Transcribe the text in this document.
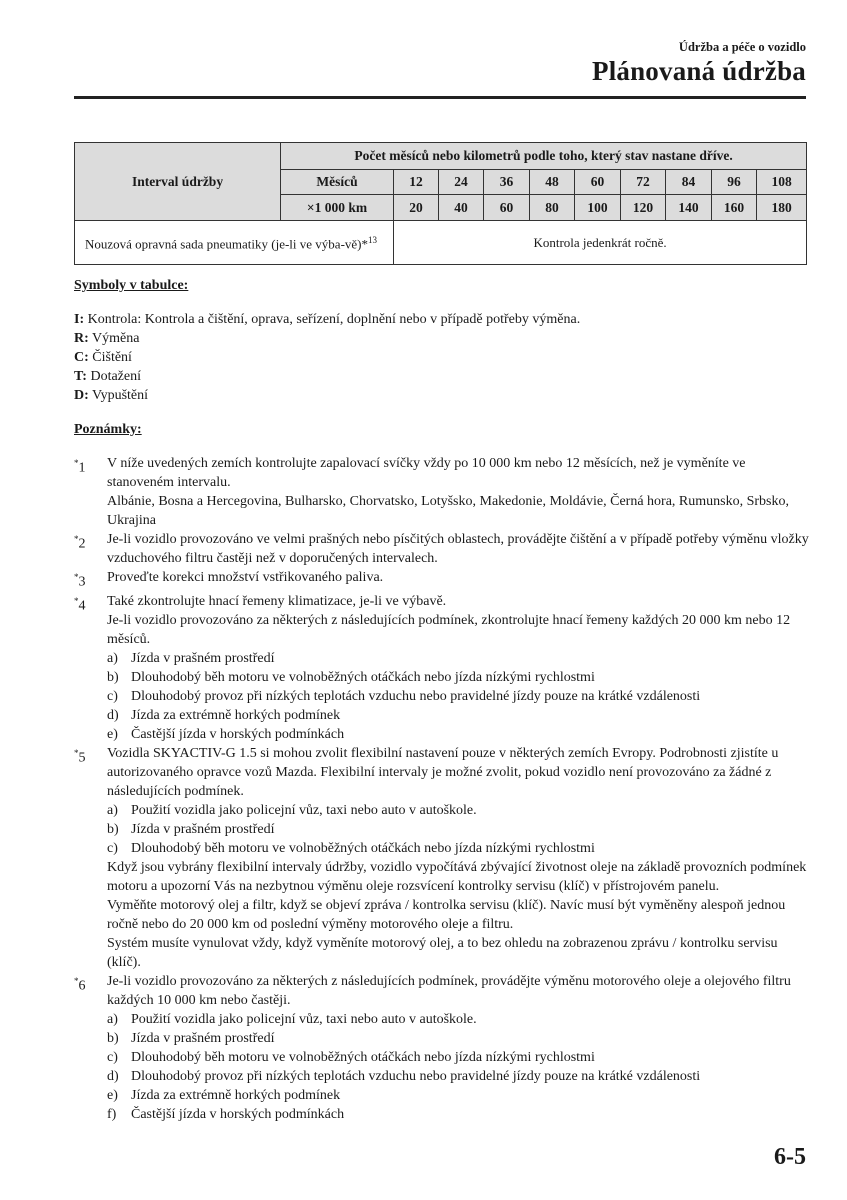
Údržba a péče o vozidlo
Plánovaná údržba
Interval údržby	Počet měsíců nebo kilometrů podle toho, který stav nastane dříve.									
	Měsíců	12	24	36	48	60	72	84	96	108
	×1 000 km	20	40	60	80	100	120	140	160	180
Nouzová opravná sada pneumatiky (je-li ve výba-vě)*$^{13}$		Kontrola jedenkrát ročně.								
Symboly v tabulce:
I: Kontrola: Kontrola a čištění, oprava, seřízení, doplnění nebo v případě potřeby výměna.
R: Výměna
C: Čištění
T: Dotažení
D: Vypuštění
Poznámky:
*1	V níže uvedených zemích kontrolujte zapalovací svíčky vždy po 10 000 km nebo 12 měsících, než je vyměníte ve stanoveném intervalu.
Albánie, Bosna a Hercegovina, Bulharsko, Chorvatsko, Lotyšsko, Makedonie, Moldávie, Černá hora, Rumunsko, Srbsko, Ukrajina
*2	Je-li vozidlo provozováno ve velmi prašných nebo písčitých oblastech, provádějte čištění a v případě potřeby výměnu vložky vzduchového filtru častěji než v doporučených intervalech.
*3	Proveďte korekci množství vstřikovaného paliva.
*4	Také zkontrolujte hnací řemeny klimatizace, je-li ve výbavě.
Je-li vozidlo provozováno za některých z následujících podmínek, zkontrolujte hnací řemeny každých 20 000 km nebo 12 měsíců.
a) Jízda v prašném prostředí
b) Dlouhodobý běh motoru ve volnoběžných otáčkách nebo jízda nízkými rychlostmi
c) Dlouhodobý provoz při nízkých teplotách vzduchu nebo pravidelné jízdy pouze na krátké vzdálenosti
d) Jízda za extrémně horkých podmínek
e) Častější jízda v horských podmínkách
*5	Vozidla SKYACTIV-G 1.5 si mohou zvolit flexibilní nastavení pouze v některých zemích Evropy. Podrobnosti zjistíte u autorizovaného opravce vozů Mazda. Flexibilní intervaly je možné zvolit, pokud vozidlo není provozováno za žádné z následujících podmínek.
a) Použití vozidla jako policejní vůz, taxi nebo auto v autoškole.
b) Jízda v prašném prostředí
c) Dlouhodobý běh motoru ve volnoběžných otáčkách nebo jízda nízkými rychlostmi
Když jsou vybrány flexibilní intervaly údržby, vozidlo vypočítává zbývající životnost oleje na základě provozních podmínek motoru a upozorní Vás na nezbytnou výměnu oleje rozsvícení kontrolky servisu (klíč) v přístrojovém panelu.
Vyměňte motorový olej a filtr, když se objeví zpráva / kontrolka servisu (klíč). Navíc musí být vyměněny alespoň jednou ročně nebo do 20 000 km od poslední výměny motorového oleje a filtru.
Systém musíte vynulovat vždy, když vyměníte motorový olej, a to bez ohledu na zobrazenou zprávu / kontrolku servisu (klíč).
*6	Je-li vozidlo provozováno za některých z následujících podmínek, provádějte výměnu motorového oleje a olejového filtru každých 10 000 km nebo častěji.
a) Použití vozidla jako policejní vůz, taxi nebo auto v autoškole.
b) Jízda v prašném prostředí
c) Dlouhodobý běh motoru ve volnoběžných otáčkách nebo jízda nízkými rychlostmi
d) Dlouhodobý provoz při nízkých teplotách vzduchu nebo pravidelné jízdy pouze na krátké vzdálenosti
e) Jízda za extrémně horkých podmínek
f)	Častější jízda v horských podmínkách
6-5
